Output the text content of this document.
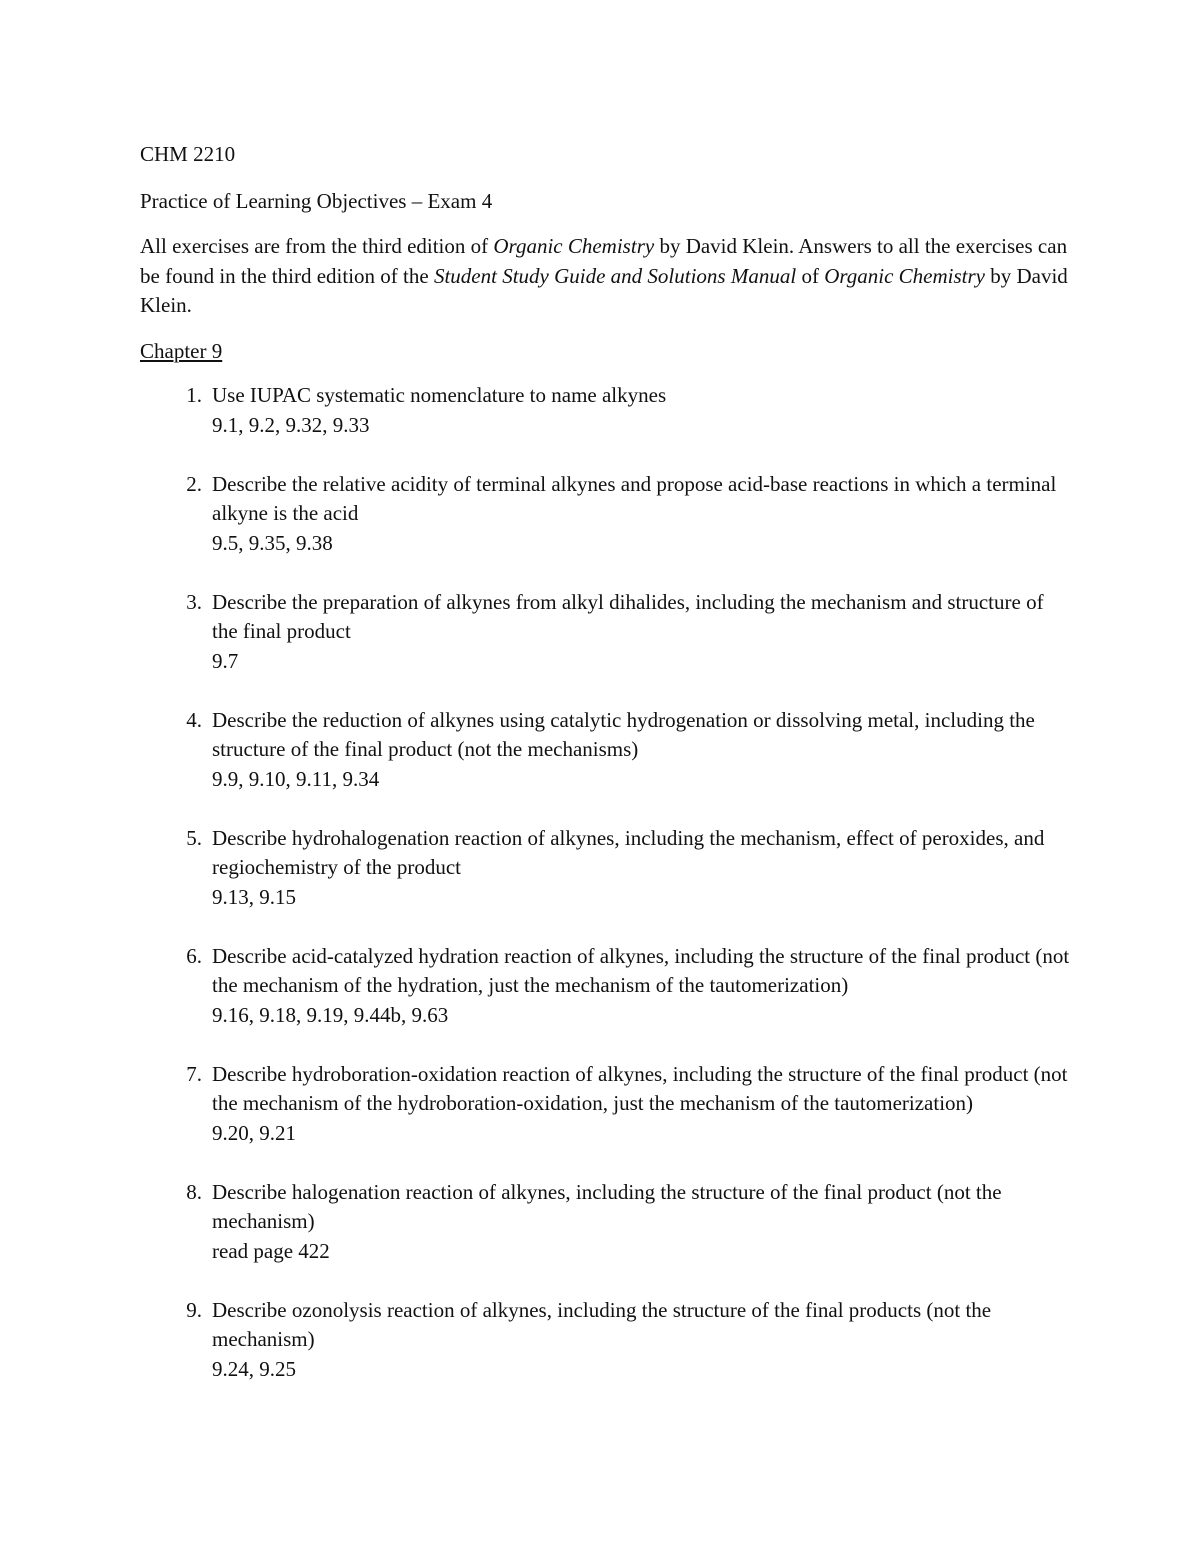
CHM 2210

Practice of Learning Objectives – Exam 4

All exercises are from the third edition of Organic Chemistry by David Klein. Answers to all the exercises can be found in the third edition of the Student Study Guide and Solutions Manual of Organic Chemistry by David Klein.

Chapter 9

1. Use IUPAC systematic nomenclature to name alkynes
9.1, 9.2, 9.32, 9.33
2. Describe the relative acidity of terminal alkynes and propose acid-base reactions in which a terminal alkyne is the acid
9.5, 9.35, 9.38
3. Describe the preparation of alkynes from alkyl dihalides, including the mechanism and structure of the final product
9.7
4. Describe the reduction of alkynes using catalytic hydrogenation or dissolving metal, including the structure of the final product (not the mechanisms)
9.9, 9.10, 9.11, 9.34
5. Describe hydrohalogenation reaction of alkynes, including the mechanism, effect of peroxides, and regiochemistry of the product
9.13, 9.15
6. Describe acid-catalyzed hydration reaction of alkynes, including the structure of the final product (not the mechanism of the hydration, just the mechanism of the tautomerization)
9.16, 9.18, 9.19, 9.44b, 9.63
7. Describe hydroboration-oxidation reaction of alkynes, including the structure of the final product (not the mechanism of the hydroboration-oxidation, just the mechanism of the tautomerization)
9.20, 9.21
8. Describe halogenation reaction of alkynes, including the structure of the final product (not the mechanism)
read page 422
9. Describe ozonolysis reaction of alkynes, including the structure of the final products (not the mechanism)
9.24, 9.25
